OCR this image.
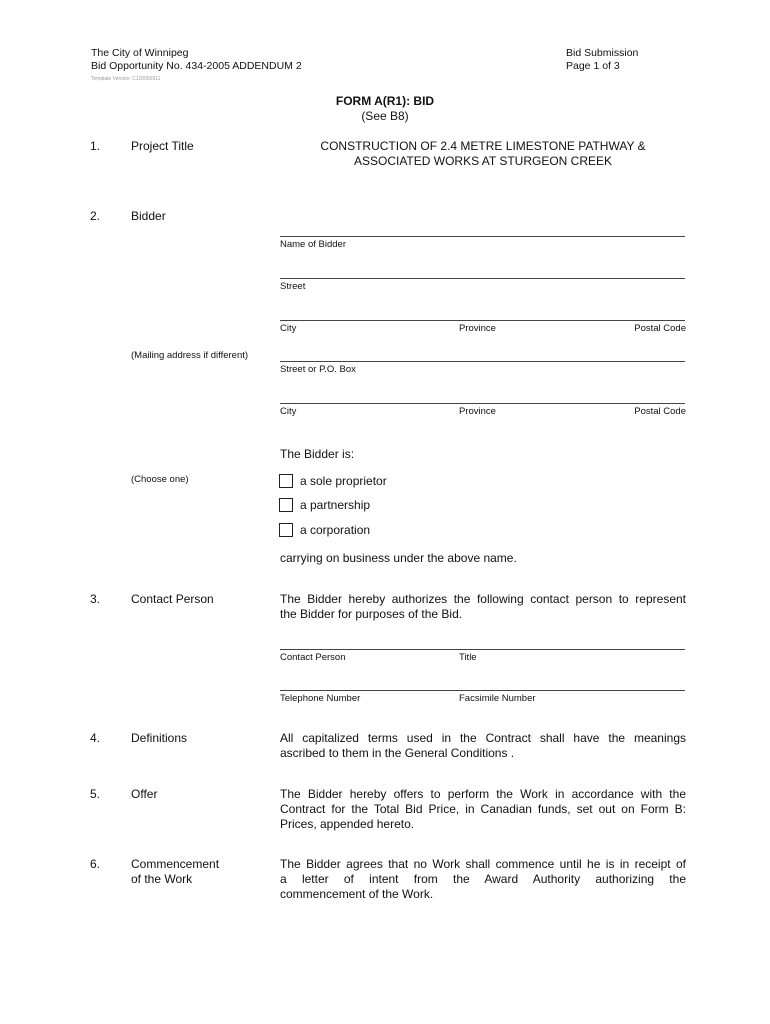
The City of Winnipeg
Bid Opportunity No. 434-2005 ADDENDUM 2
Template Version: C120050311
Bid Submission
Page 1 of 3
FORM A(R1): BID
(See B8)
1.	Project Title	CONSTRUCTION OF 2.4 METRE LIMESTONE PATHWAY &
ASSOCIATED WORKS AT STURGEON CREEK
2.	Bidder
Name of Bidder
Street
City	Province	Postal Code
(Mailing address if different)
Street or P.O. Box
City	Province	Postal Code
The Bidder is:
(Choose one)	a sole proprietor
a partnership
a corporation
carrying on business under the above name.
3.	Contact Person	The Bidder hereby authorizes the following contact person to represent
the Bidder for purposes of the Bid.
Contact Person	Title
Telephone Number	Facsimile Number
4.	Definitions	All capitalized terms used in the Contract shall have the meanings
ascribed to them in the General Conditions .
5.	Offer	The Bidder hereby offers to perform the Work in accordance with the
Contract for the Total Bid Price, in Canadian funds, set out on Form B:
Prices, appended hereto.
6.	Commencement
of the Work
The Bidder agrees that no Work shall commence until he is in receipt of
a letter of intent from the Award Authority authorizing the
commencement of the Work.
